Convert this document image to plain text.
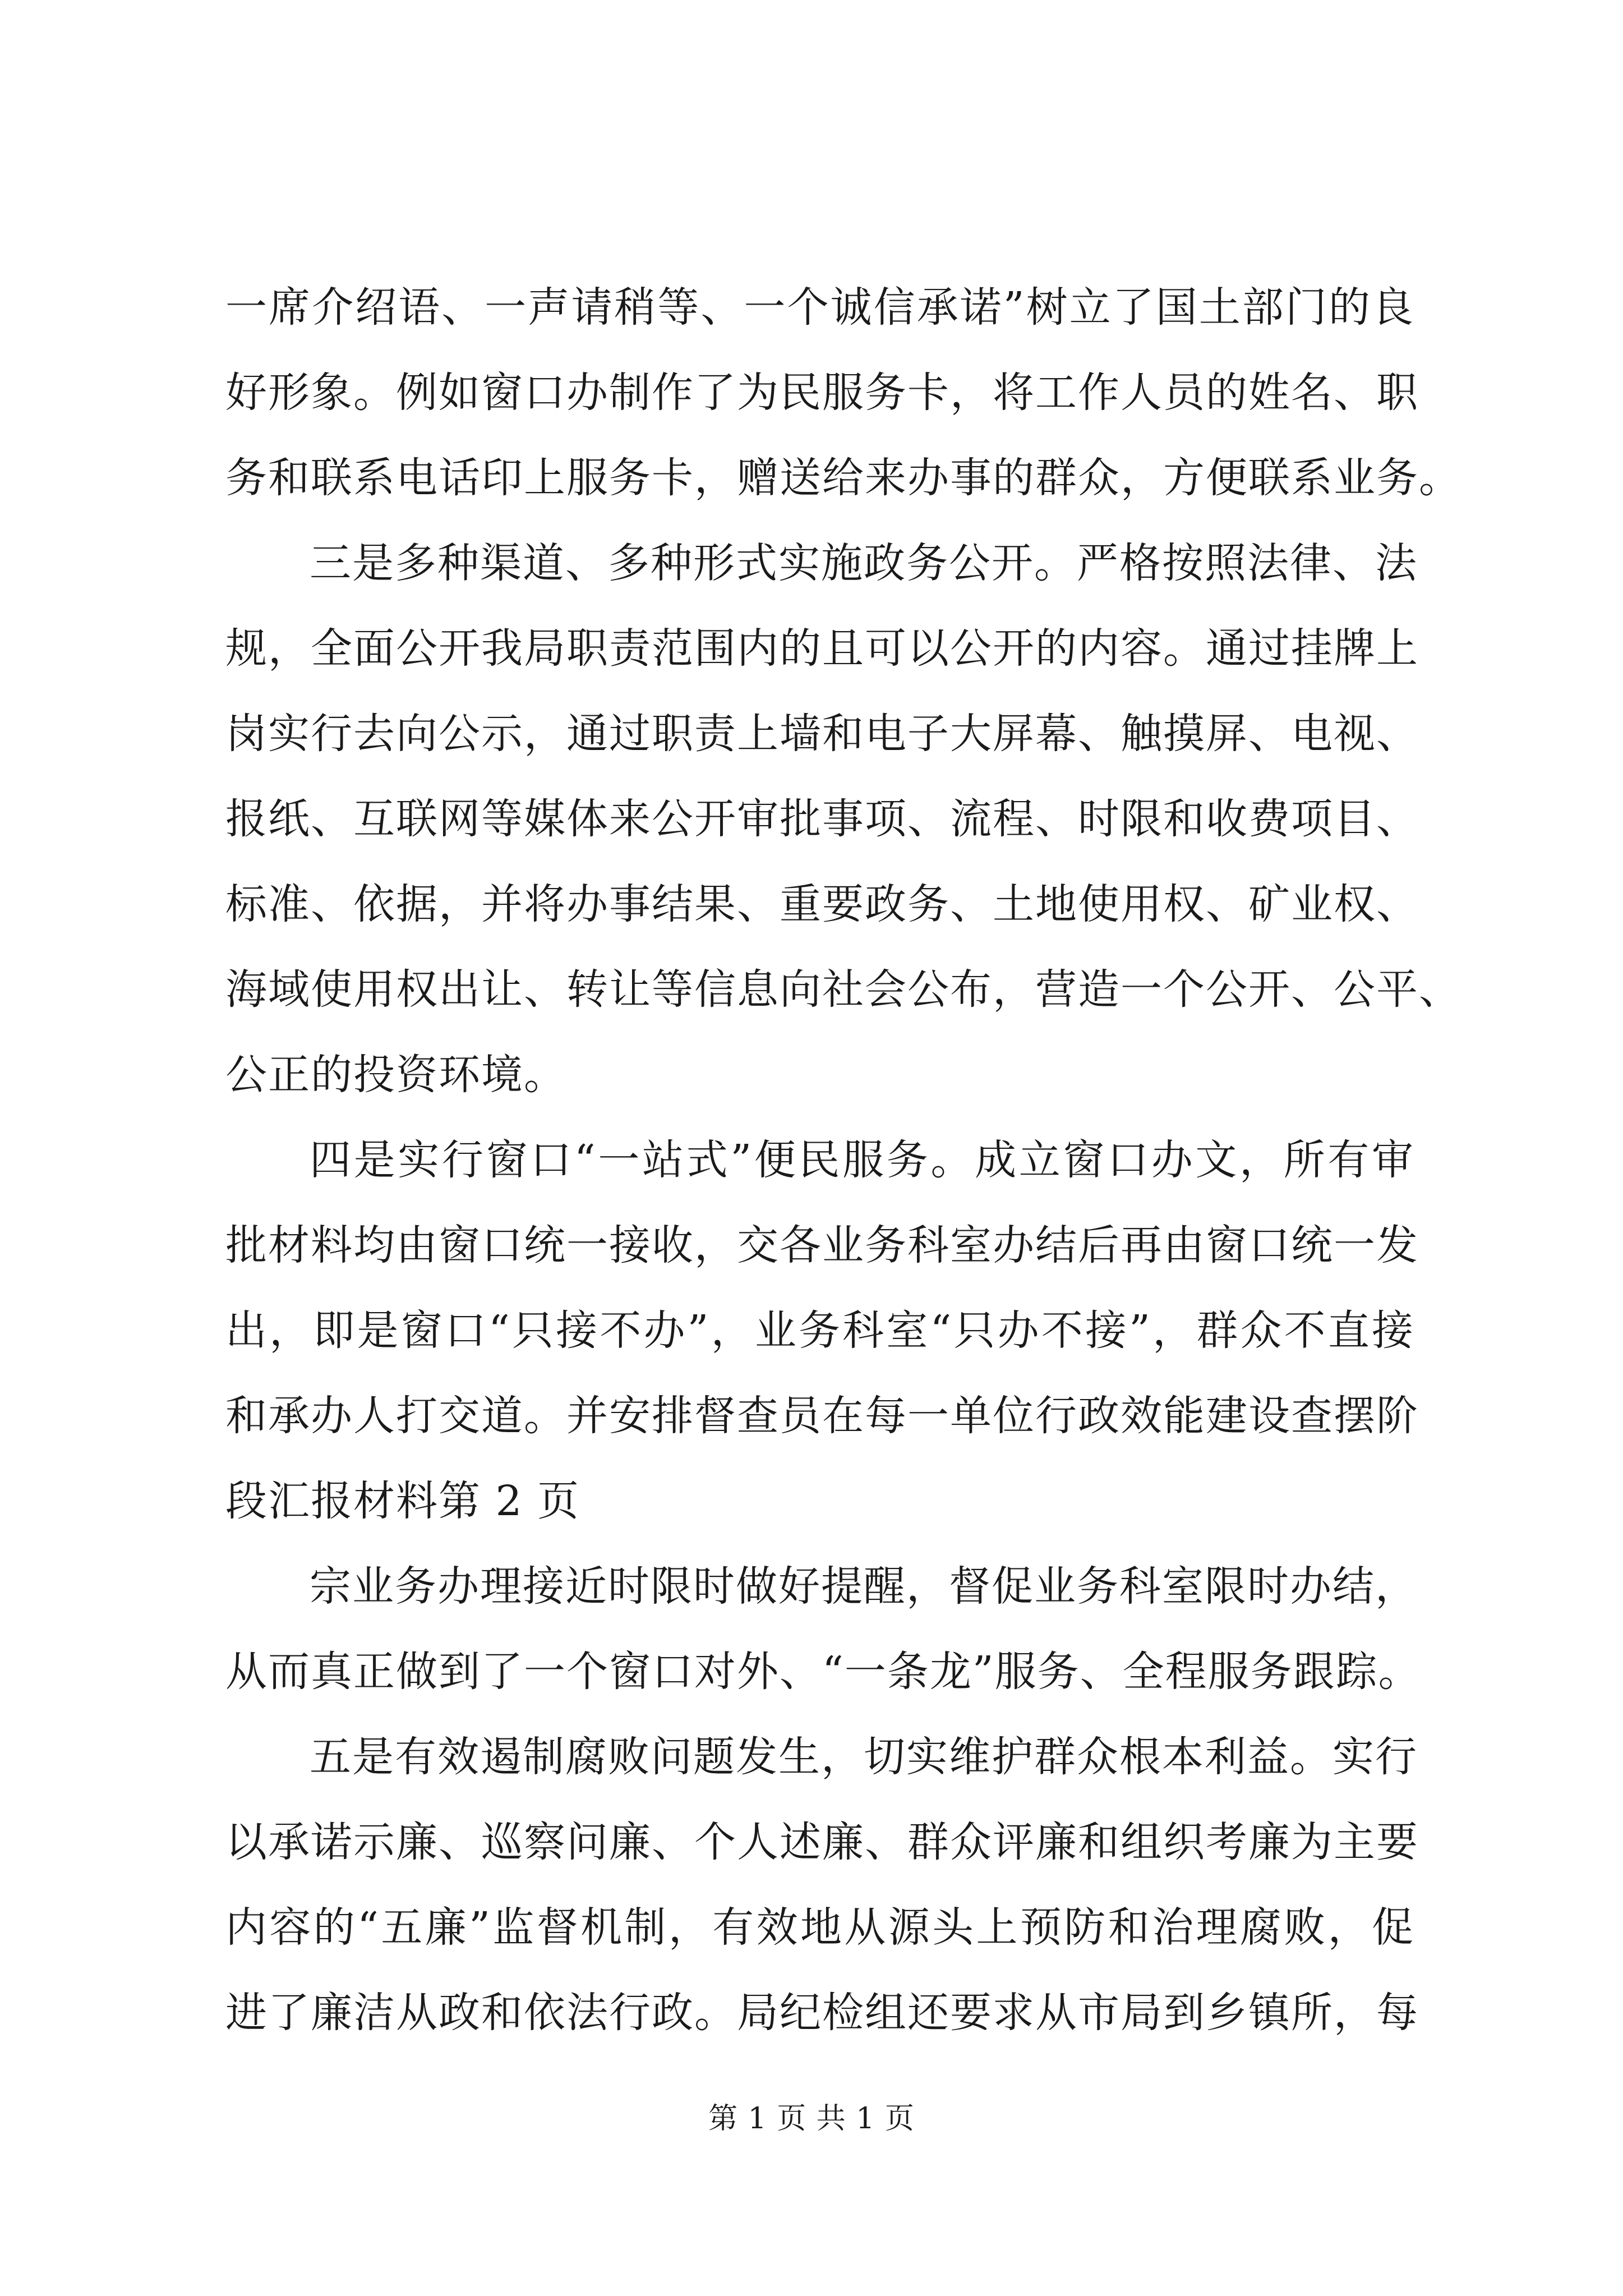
一席介绍语、一声请稍等、一个诚信承诺”树立了国土部门的良
好形象。例如窗口办制作了为民服务卡，将工作人员的姓名、职
务和联系电话印上服务卡，赠送给来办事的群众，方便联系业务。
三是多种渠道、多种形式实施政务公开。严格按照法律、法
规，全面公开我局职责范围内的且可以公开的内容。通过挂牌上
岗实行去向公示，通过职责上墙和电子大屏幕、触摸屏、电视、
报纸、互联网等媒体来公开审批事项、流程、时限和收费项目、
标准、依据，并将办事结果、重要政务、土地使用权、矿业权、
海域使用权出让、转让等信息向社会公布，营造一个公开、公平、
公正的投资环境。
四是实行窗口“一站式”便民服务。成立窗口办文，所有审
批材料均由窗口统一接收，交各业务科室办结后再由窗口统一发
出，即是窗口“只接不办”，业务科室“只办不接”，群众不直接
和承办人打交道。并安排督查员在每一单位行政效能建设查摆阶
段汇报材料第 2 页
宗业务办理接近时限时做好提醒，督促业务科室限时办结，
从而真正做到了一个窗口对外、“一条龙”服务、全程服务跟踪。
五是有效遏制腐败问题发生，切实维护群众根本利益。实行
以承诺示廉、巡察问廉、个人述廉、群众评廉和组织考廉为主要
内容的“五廉”监督机制，有效地从源头上预防和治理腐败，促
进了廉洁从政和依法行政。局纪检组还要求从市局到乡镇所，每
第 1 页 共 1 页
